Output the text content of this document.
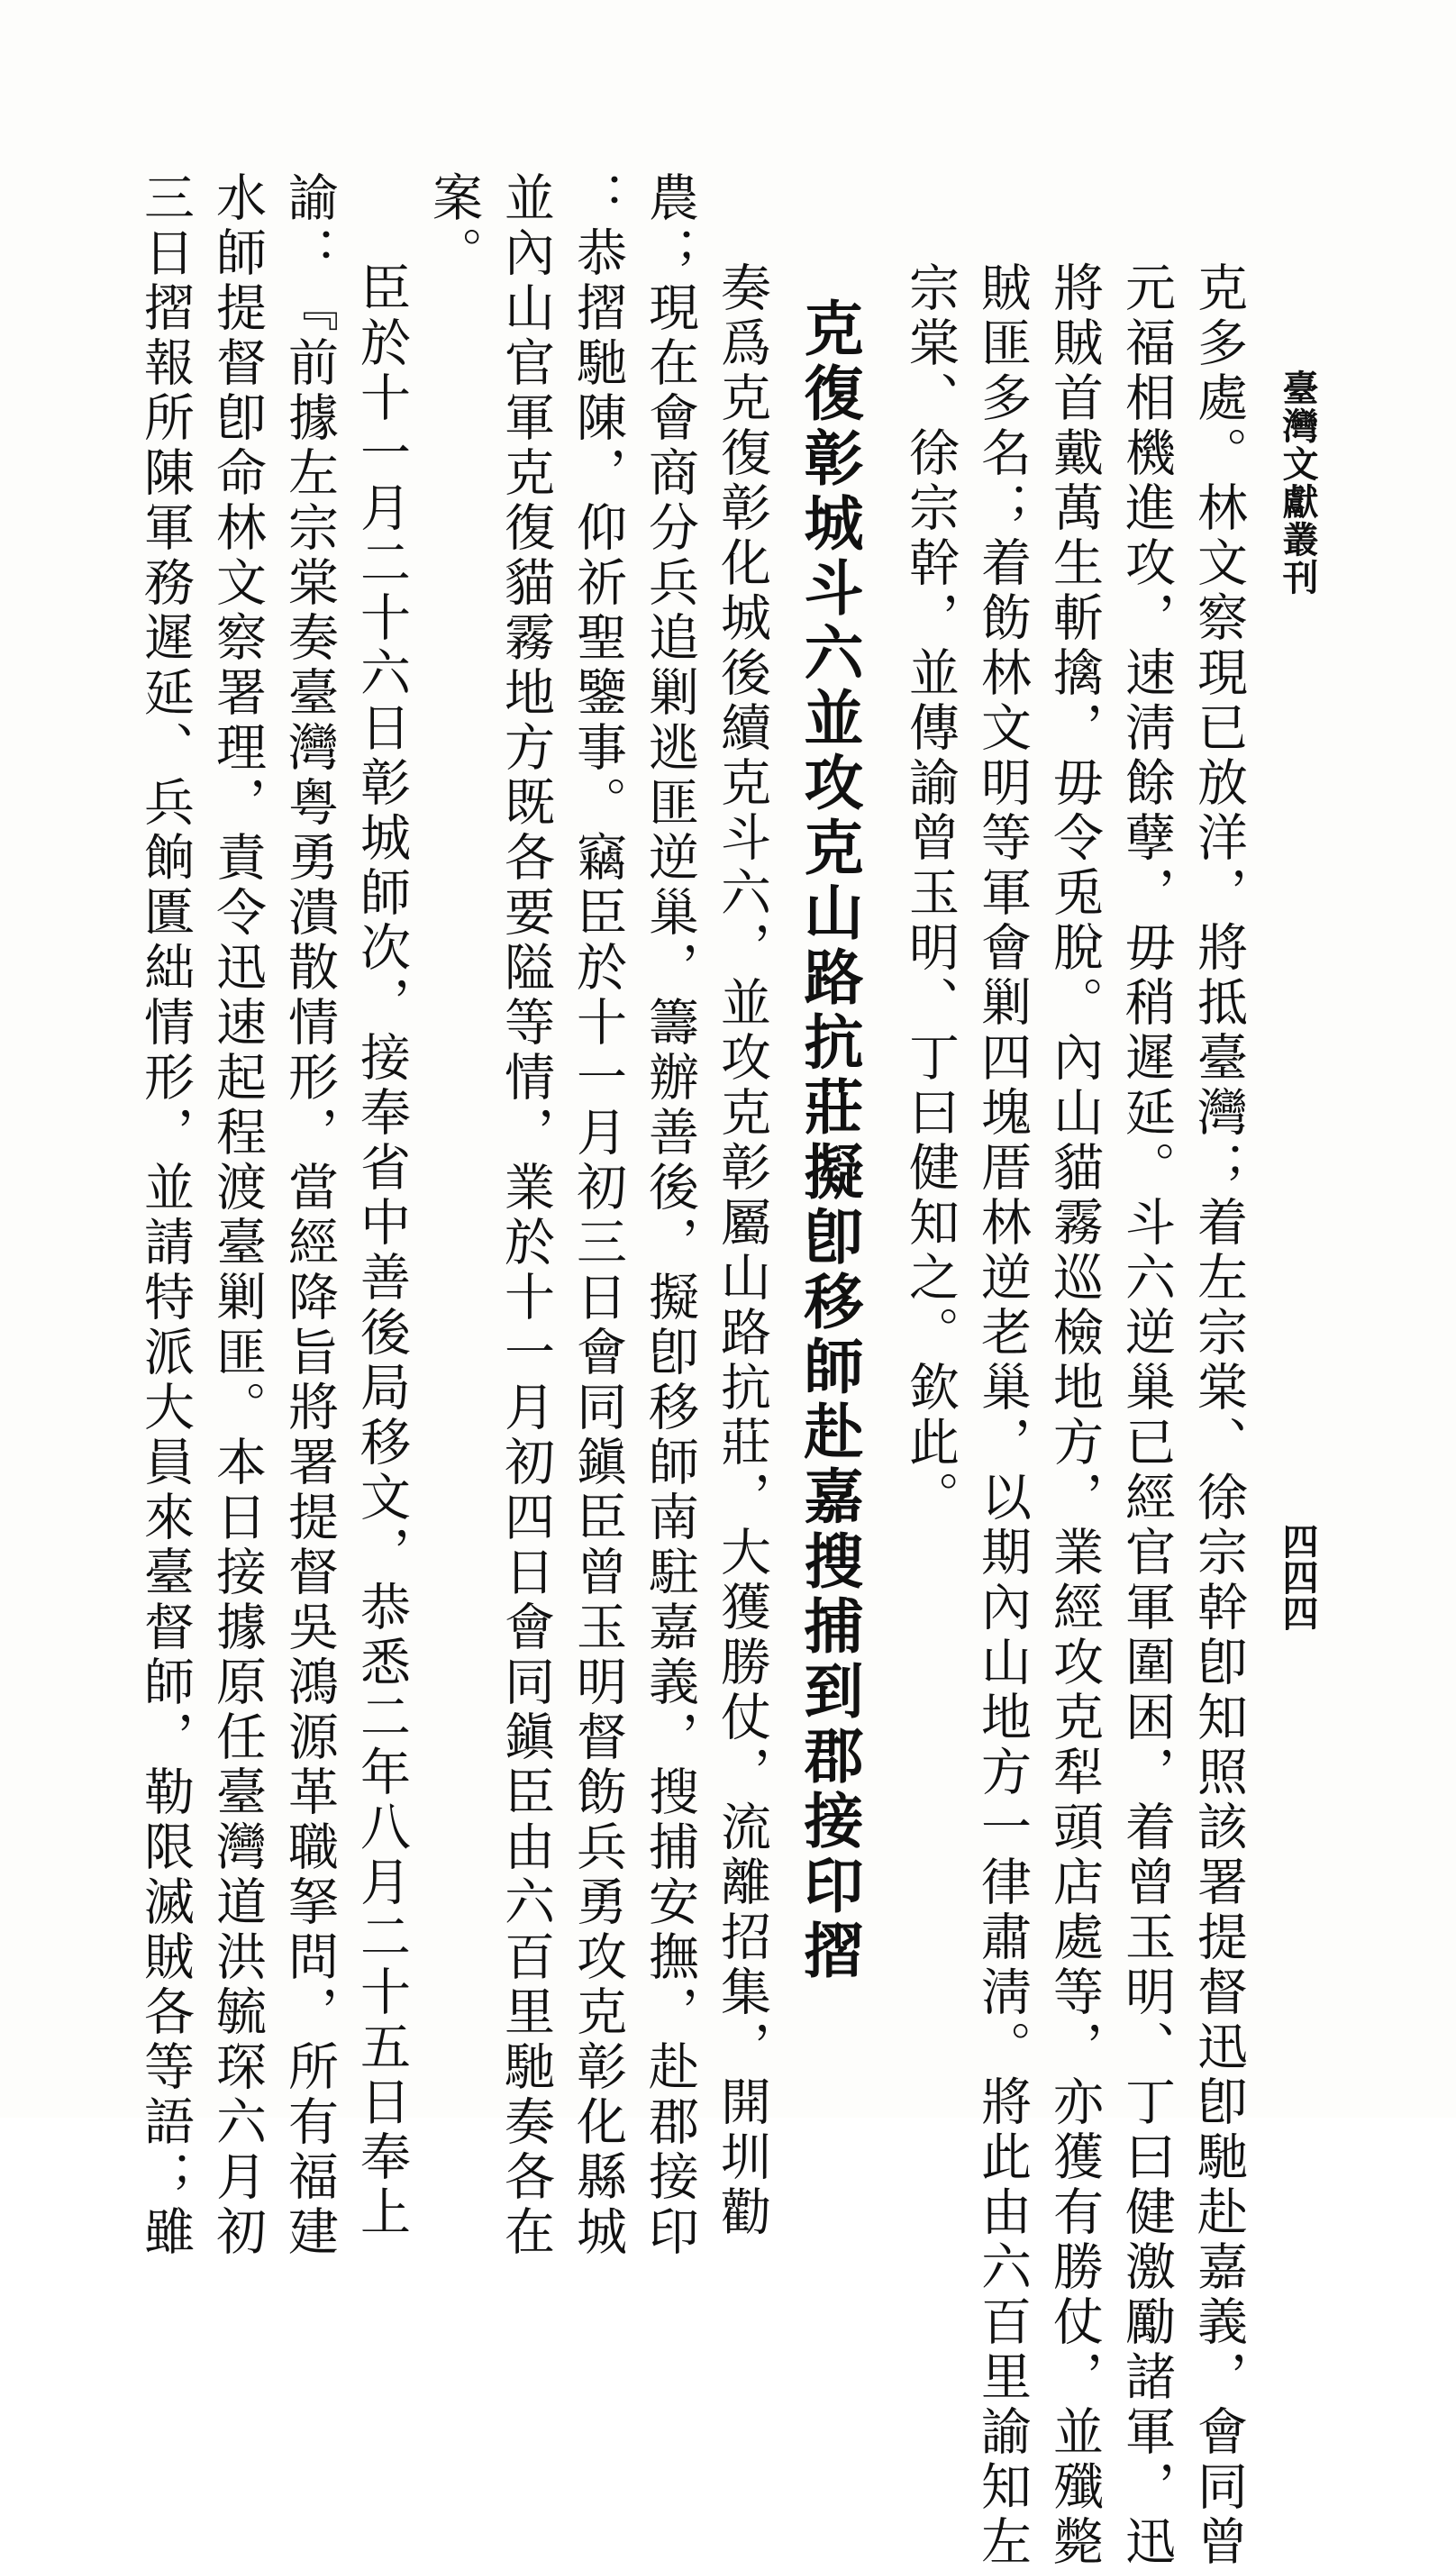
臺灣文獻叢刊
四四四
克多處。林文察現已放洋，將抵臺灣；着左宗棠、徐宗幹卽知照該署提督迅卽馳赴嘉義，會同曾
元福相機進攻，速淸餘孽，毋稍遲延。斗六逆巢已經官軍圍困，着曾玉明、丁曰健激勵諸軍，迅
將賊首戴萬生斬擒，毋令兎脫。內山貓霧巡檢地方，業經攻克犁頭店處等，亦獲有勝仗，並殲斃
賊匪多名；着飭林文明等軍會剿四塊厝林逆老巢，以期內山地方一律肅淸。將此由六百里諭知左
宗棠、徐宗幹，並傳諭曾玉明、丁曰健知之。欽此。
克復彰城斗六並攻克山路抗莊擬卽移師赴嘉搜捕到郡接印摺
奏爲克復彰化城後續克斗六，並攻克彰屬山路抗莊，大獲勝仗，流離招集，開圳勸
農；現在會商分兵追剿逃匪逆巢，籌辦善後，擬卽移師南駐嘉義，搜捕安撫，赴郡接印
：恭摺馳陳，仰祈聖鑒事。竊臣於十一月初三日會同鎭臣曾玉明督飭兵勇攻克彰化縣城
並內山官軍克復貓霧地方既各要隘等情，業於十一月初四日會同鎭臣由六百里馳奏各在
案。
臣於十一月二十六日彰城師次，接奉省中善後局移文，恭悉二年八月二十五日奉上
諭：『前據左宗棠奏臺灣粤勇潰散情形，當經降旨將署提督吳鴻源革職拏問，所有福建
水師提督卽命林文察署理，責令迅速起程渡臺剿匪。本日接據原任臺灣道洪毓琛六月初
三日摺報所陳軍務遲延、兵餉匱絀情形，並請特派大員來臺督師，勒限滅賊各等語；雖
